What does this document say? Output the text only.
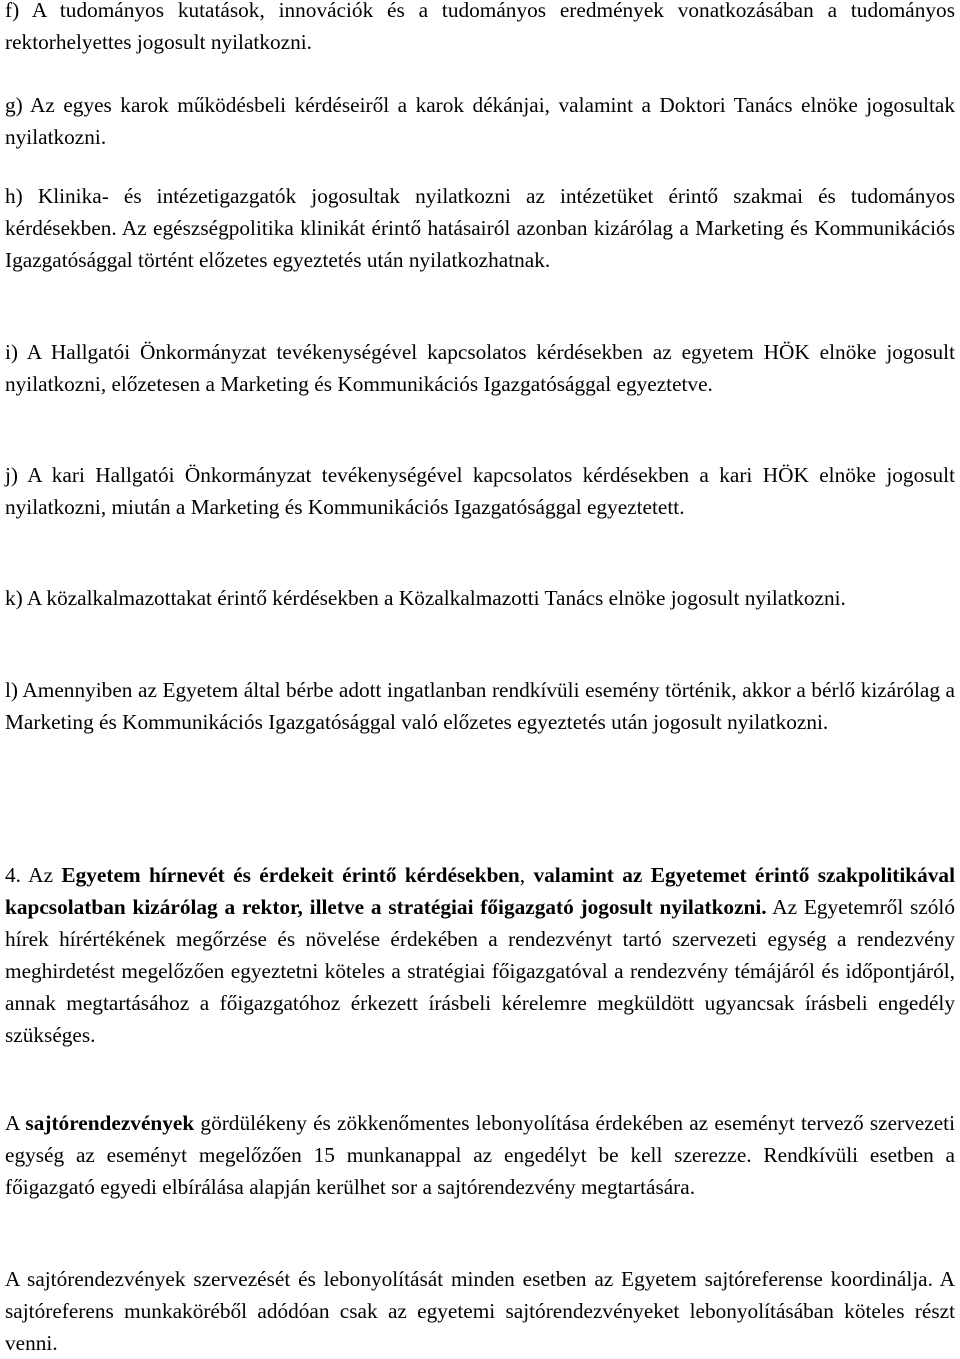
f) A tudományos kutatások, innovációk és a tudományos eredmények vonatkozásában a tudományos rektorhelyettes jogosult nyilatkozni.

g) Az egyes karok működésbeli kérdéseiről a karok dékánjai, valamint a Doktori Tanács elnöke jogosultak nyilatkozni.

h) Klinika- és intézetigazgatók jogosultak nyilatkozni az intézetüket érintő szakmai és tudományos kérdésekben. Az egészségpolitika klinikát érintő hatásairól azonban kizárólag a Marketing és Kommunikációs Igazgatósággal történt előzetes egyeztetés után nyilatkozhatnak.

i) A Hallgatói Önkormányzat tevékenységével kapcsolatos kérdésekben az egyetem HÖK elnöke jogosult nyilatkozni, előzetesen a Marketing és Kommunikációs Igazgatósággal egyeztetve.

j) A kari Hallgatói Önkormányzat tevékenységével kapcsolatos kérdésekben a kari HÖK elnöke jogosult nyilatkozni, miután a Marketing és Kommunikációs Igazgatósággal egyeztetett.

k) A közalkalmazottakat érintő kérdésekben a Közalkalmazotti Tanács elnöke jogosult nyilatkozni.

l) Amennyiben az Egyetem által bérbe adott ingatlanban rendkívüli esemény történik, akkor a bérlő kizárólag a Marketing és Kommunikációs Igazgatósággal való előzetes egyeztetés után jogosult nyilatkozni.

4. Az Egyetem hírnevét és érdekeit érintő kérdésekben, valamint az Egyetemet érintő szakpolitikával kapcsolatban kizárólag a rektor, illetve a stratégiai főigazgató jogosult nyilatkozni. Az Egyetemről szóló hírek hírértékének megőrzése és növelése érdekében a rendezvényt tartó szervezeti egység a rendezvény meghirdetést megelőzően egyeztetni köteles a stratégiai főigazgatóval a rendezvény témájáról és időpontjáról, annak megtartásához a főigazgatóhoz érkezett írásbeli kérelemre megküldött ugyancsak írásbeli engedély szükséges.

A sajtórendezvények gördülékeny és zökkenőmentes lebonyolítása érdekében az eseményt tervező szervezeti egység az eseményt megelőzően 15 munkanappal az engedélyt be kell szerezze. Rendkívüli esetben a főigazgató egyedi elbírálása alapján kerülhet sor a sajtórendezvény megtartására.

A sajtórendezvények szervezését és lebonyolítását minden esetben az Egyetem sajtóreferense koordinálja. A sajtóreferens munkaköréből adódóan csak az egyetemi sajtórendezvényeket lebonyolításában köteles részt venni.
